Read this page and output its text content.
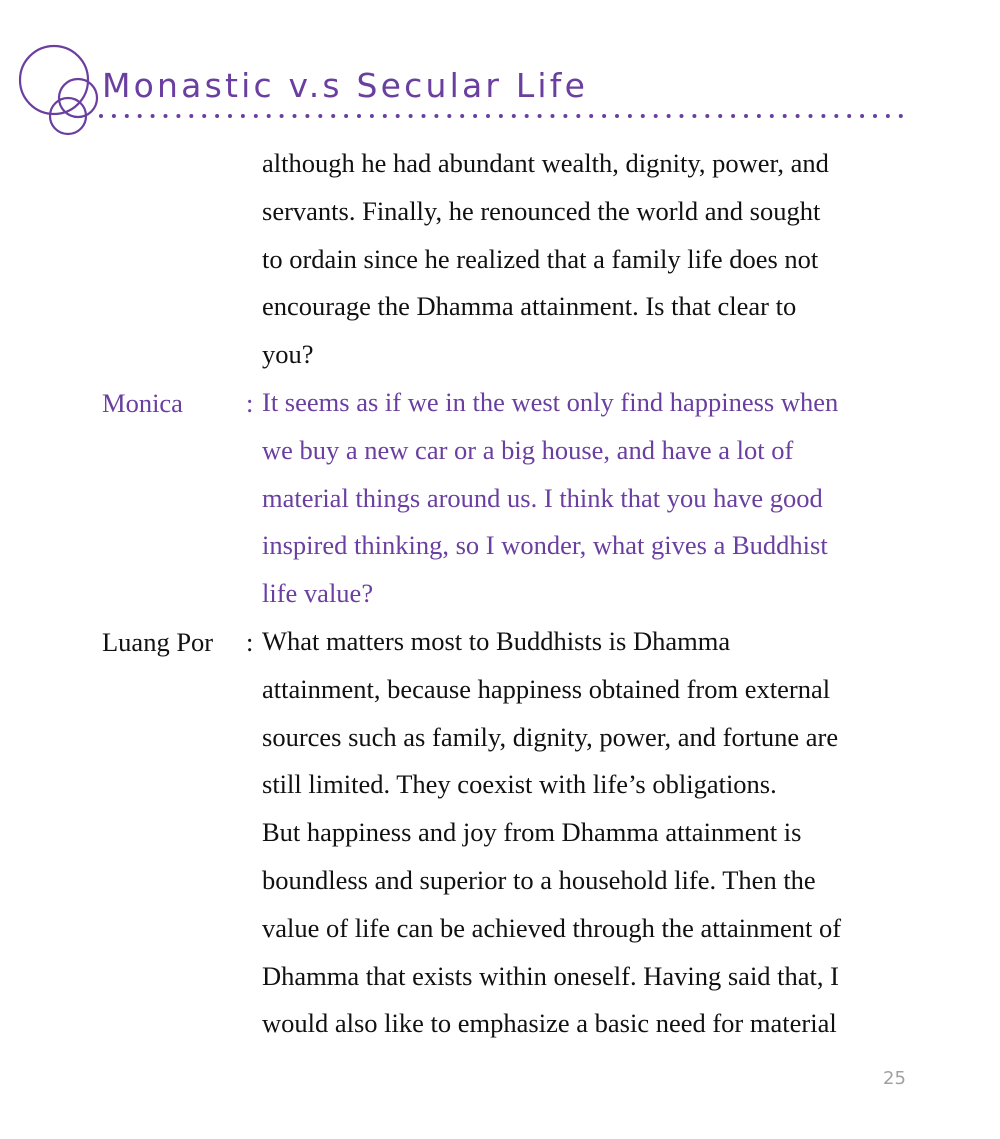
Monastic v.s Secular Life
although he had abundant wealth, dignity, power, and
servants. Finally, he renounced the world and sought
to ordain since he realized that a family life does not
encourage the Dhamma attainment. Is that clear to
you?
Monica : It seems as if we in the west only find happiness when
we buy a new car or a big house, and have a lot of
material things around us. I think that you have good
inspired thinking, so I wonder, what gives a Buddhist
life value?
Luang Por : What matters most to Buddhists is Dhamma
attainment, because happiness obtained from external
sources such as family, dignity, power, and fortune are
still limited. They coexist with life’s obligations.
But happiness and joy from Dhamma attainment is
boundless and superior to a household life. Then the
value of life can be achieved through the attainment of
Dhamma that exists within oneself. Having said that, I
would also like to emphasize a basic need for material
25
